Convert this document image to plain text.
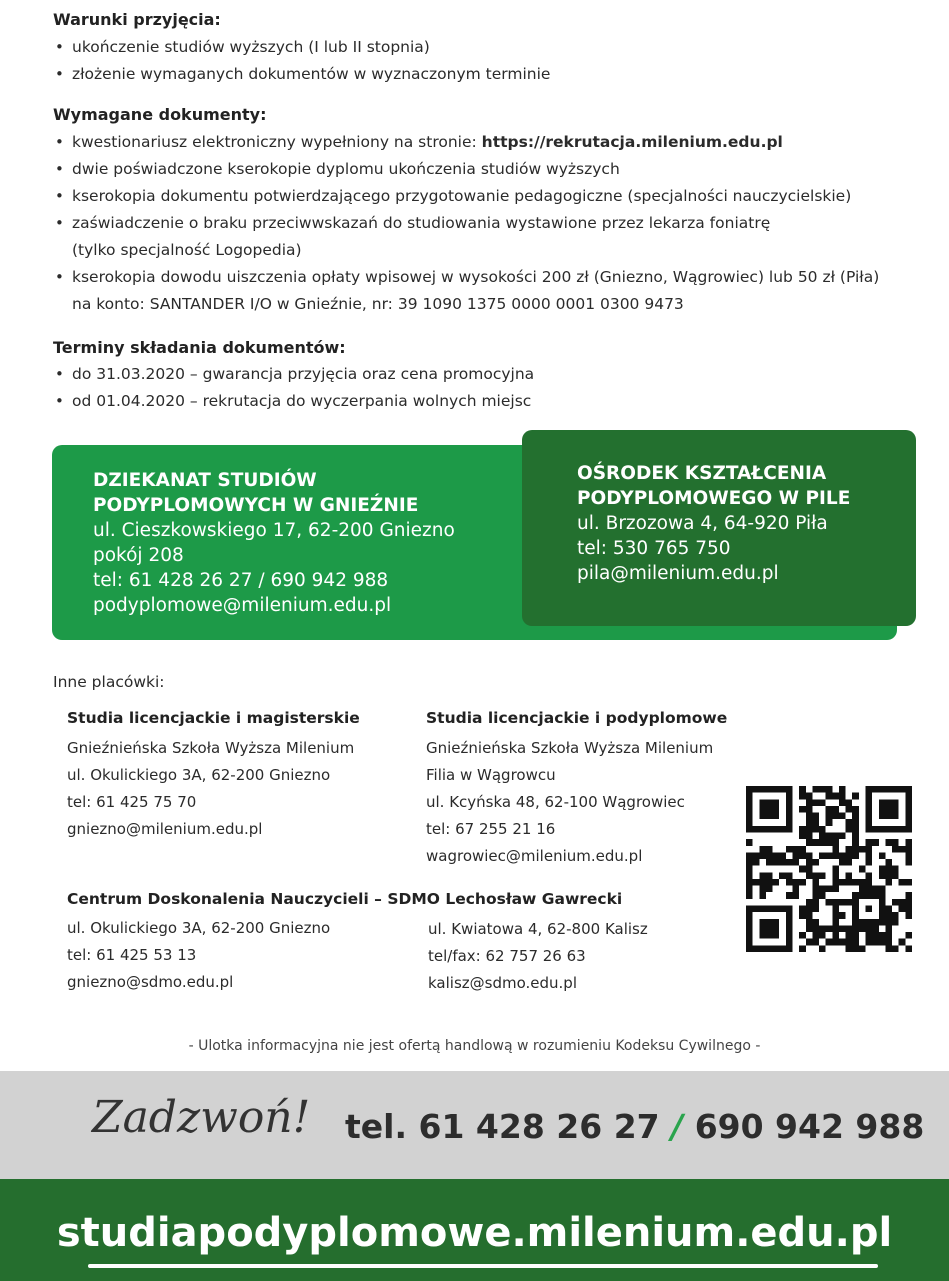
Warunki przyjęcia:
• ukończenie studiów wyższych (I lub II stopnia)
• złożenie wymaganych dokumentów w wyznaczonym terminie
Wymagane dokumenty:
• kwestionariusz elektroniczny wypełniony na stronie: https://rekrutacja.milenium.edu.pl
• dwie poświadczone kserokopie dyplomu ukończenia studiów wyższych
• kserokopia dokumentu potwierdzającego przygotowanie pedagogiczne (specjalności nauczycielskie)
• zaświadczenie o braku przeciwwskazań do studiowania wystawione przez lekarza foniatrę
(tylko specjalność Logopedia)
• kserokopia dowodu uiszczenia opłaty wpisowej w wysokości 200 zł (Gniezno, Wągrowiec) lub 50 zł (Piła)
na konto: SANTANDER I/O w Gnieźnie, nr: 39 1090 1375 0000 0001 0300 9473
Terminy składania dokumentów:
• do 31.03.2020 – gwarancja przyjęcia oraz cena promocyjna
• od 01.04.2020 – rekrutacja do wyczerpania wolnych miejsc
DZIEKANAT STUDIÓW
PODYPLOMOWYCH W GNIEŹNIE
ul. Cieszkowskiego 17, 62-200 Gniezno
pokój 208
tel: 61 428 26 27 / 690 942 988
podyplomowe@milenium.edu.pl
OŚRODEK KSZTAŁCENIA
PODYPLOMOWEGO W PILE
ul. Brzozowa 4, 64-920 Piła
tel: 530 765 750
pila@milenium.edu.pl
Inne placówki:
Studia licencjackie i magisterskie
Gnieźnieńska Szkoła Wyższa Milenium
ul. Okulickiego 3A, 62-200 Gniezno
tel: 61 425 75 70
gniezno@milenium.edu.pl
Studia licencjackie i podyplomowe
Gnieźnieńska Szkoła Wyższa Milenium
Filia w Wągrowcu
ul. Kcyńska 48, 62-100 Wągrowiec
tel: 67 255 21 16
wagrowiec@milenium.edu.pl
Centrum Doskonalenia Nauczycieli – SDMO Lechosław Gawrecki
ul. Okulickiego 3A, 62-200 Gniezno
tel: 61 425 53 13
gniezno@sdmo.edu.pl
ul. Kwiatowa 4, 62-800 Kalisz
tel/fax: 62 757 26 63
kalisz@sdmo.edu.pl
- Ulotka informacyjna nie jest ofertą handlową w rozumieniu Kodeksu Cywilnego -
Zadzwoń! tel. 61 428 26 27 / 690 942 988
studiapodyplomowe.milenium.edu.pl
